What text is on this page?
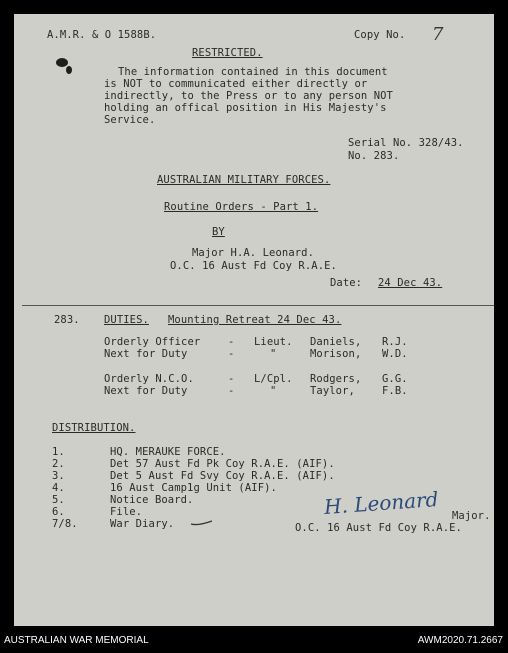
A.M.R. & O 1588B.	Copy No. 7
RESTRICTED.
The information contained in this document
is NOT to communicated either directly or
indirectly, to the Press or to any person NOT
holding an offical position in His Majesty's
Service.
Serial No. 328/43.
No. 283.
AUSTRALIAN MILITARY FORCES.
Routine Orders - Part 1.
BY
Major H.A. Leonard.
O.C. 16 Aust Fd Coy R.A.E.
Date: 24 Dec 43.
283. DUTIES. Mounting Retreat 24 Dec 43.
Orderly Officer	- Lieut. Daniels, R.J.
Next for Duty	-	"	Morison, W.D.
Orderly N.C.O.	- L/Cpl. Rodgers, G.G.
Next for Duty	-	"	Taylor,	F.B.
DISTRIBUTION.
1.	HQ. MERAUKE FORCE.
2.	Det 57 Aust Fd Pk Coy R.A.E. (AIF).
3.	Det 5 Aust Fd Svy Coy R.A.E. (AIF).
4.	16 Aust Camp1g Unit (AIF).
5.	Notice Board.
6.	File.
7/8.	War Diary.
H. Leonard Major.
O.C. 16 Aust Fd Coy R.A.E.
AUSTRALIAN WAR MEMORIAL	AWM2020.71.2667
